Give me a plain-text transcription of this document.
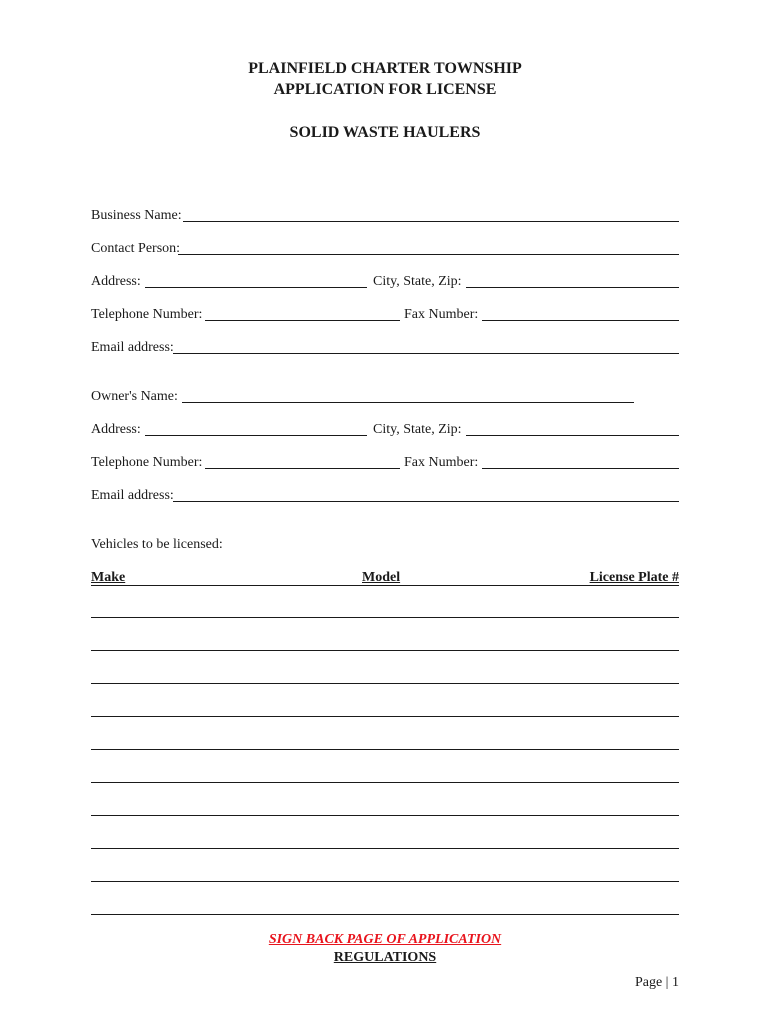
PLAINFIELD CHARTER TOWNSHIP
APPLICATION FOR LICENSE
SOLID WASTE HAULERS
Business Name:
Contact Person:
Address:	City, State, Zip:
Telephone Number:	Fax Number:
Email address:
Owner's Name:
Address:	City, State, Zip:
Telephone Number:	Fax Number:
Email address:
Vehicles to be licensed:
Make	Model	License Plate #
SIGN BACK PAGE OF APPLICATION
REGULATIONS
Page | 1
